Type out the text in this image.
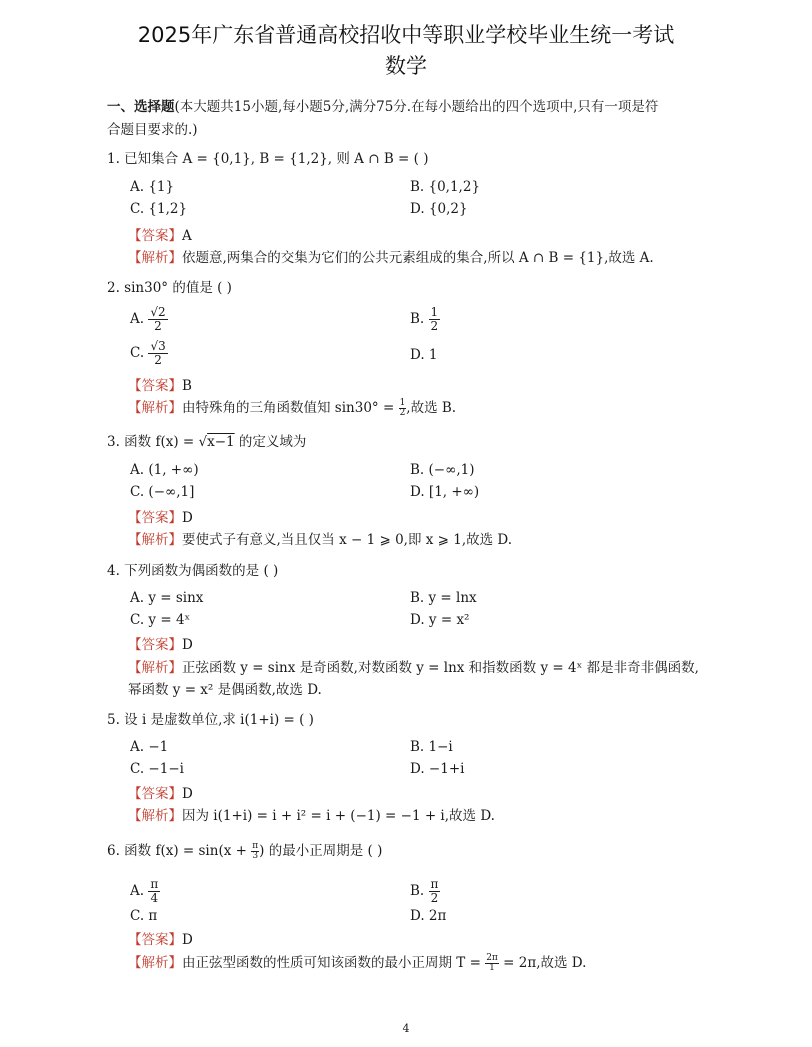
2025年广东省普通高校招收中等职业学校毕业生统一考试
数学
一、选择题(本大题共15小题,每小题5分,满分75分.在每小题给出的四个选项中,只有一项是符
合题目要求的.)
1. 已知集合 A = {0,1}, B = {1,2}, 则 A ∩ B = ( )
A. {1}	B. {0,1,2}
C. {1,2}	D. {0,2}
【答案】A
【解析】依题意,两集合的交集为它们的公共元素组成的集合,所以 A ∩ B = {1},故选 A.
2. sin30° 的值是 ( )
A. $\frac{√2}{2}$	B. $\frac{1}{2}$
C. $\frac{√3}{2}$	D. 1
【答案】B
【解析】由特殊角的三角函数值知 $\sin 30^\circ = \frac{1}{2}$ ,故选 B.
3. 函数 f(x) = √x−1 的定义域为
A. (1, +∞)	B. (−∞,1)
C. (−∞,1]	D. [1, +∞)
【答案】D
【解析】要使式子有意义,当且仅当 x − 1 ⩾ 0,即 x ⩾ 1,故选 D.
4. 下列函数为偶函数的是 ( )
A. y = sinx	B. y = lnx
C. y = 4ˣ	D. y = x²
【答案】D
【解析】正弦函数 y = sinx 是奇函数,对数函数 y = lnx 和指数函数 y = 4ˣ 都是非奇非偶函数,
幂函数 y = x² 是偶函数,故选 D.
5. 设 i 是虚数单位,求 i(1+i) = ( )
A. −1	B. 1−i
C. −1−i	D. −1+i
【答案】D
【解析】因为 i(1+i) = i + i² = i + (−1) = −1 + i,故选 D.
6. 函数 $f(x) = \sin(x + \frac{\pi}{3}$ ) 的最小正周期是 ( )
A. $\frac{\pi}{4}$	B. $\frac{\pi}{2}$
C. π	D. 2π
【答案】D
【解析】由正弦型函数的性质可知该函数的最小正周期 $T = \frac{2\pi}{1} = 2\pi$,故选 D.
4
